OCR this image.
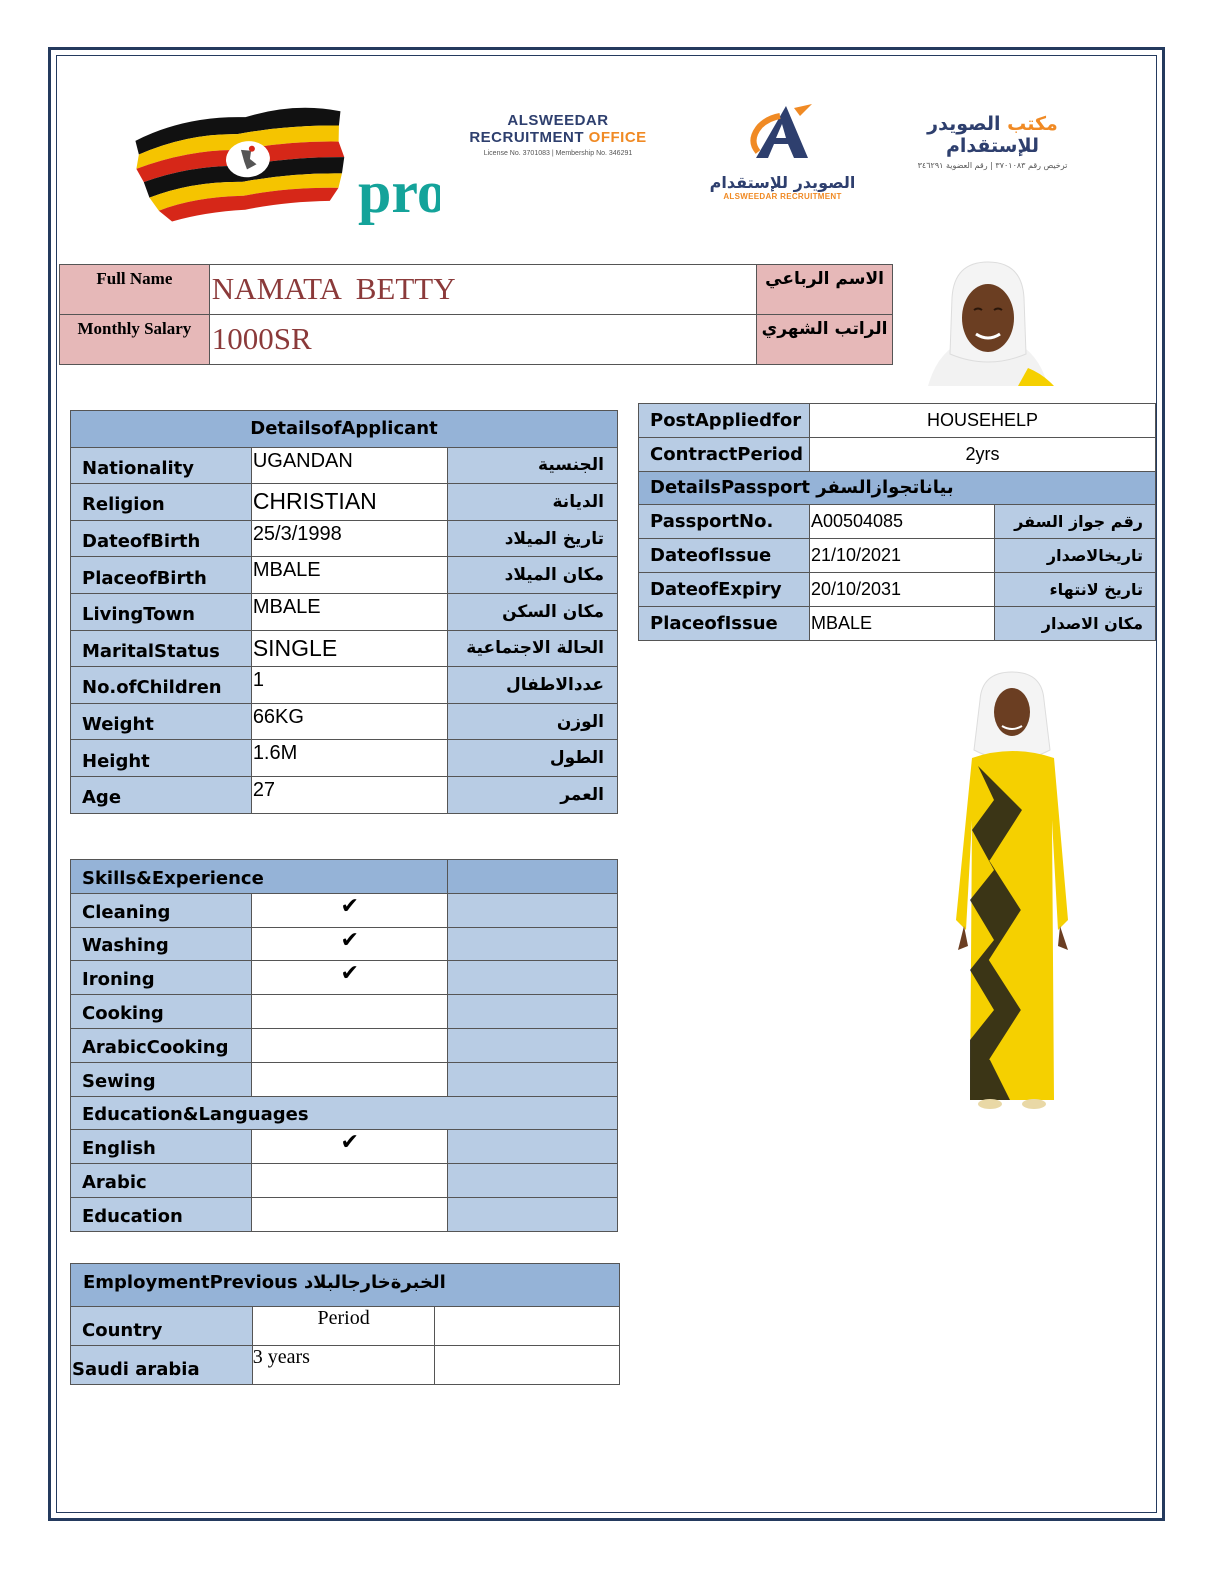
pro
ALSWEEDAR
RECRUITMENT OFFICE
License No. 3701083 | Membership No. 346291
الصويدر للإستقدام
ALSWEEDAR RECRUITMENT
مكتب الصويدر للإستقدام
ترخيص رقم ٣٧٠١٠٨٣ | رقم العضوية ٣٤٦٢٩١
Full Name	NAMATA  BETTY	الاسم الرباعي
Monthly Salary	1000SR	الراتب الشهري
DetailsofApplicant		
Nationality	UGANDAN	الجنسية
Religion	CHRISTIAN	الديانة
DateofBirth	25/3/1998	تاريخ الميلاد
PlaceofBirth	MBALE	مكان الميلاد
LivingTown	MBALE	مكان السكن
MaritalStatus	SINGLE	الحالة الاجتماعية
No.ofChildren	1	عددالاطفال
Weight	66KG	الوزن
Height	1.6M	الطول
Age	27	العمر
PostAppliedfor	HOUSEHELP	
ContractPeriod	2yrs	
DetailsPassport بياناتجوازالسفر		
PassportNo.	A00504085	رقم جواز السفر
DateofIssue	21/10/2021	تاريخالاصدار
DateofExpiry	20/10/2031	تاريخ لانتهاء
PlaceofIssue	MBALE	مكان الاصدار
Skills&Experience		
Cleaning	✔	
Washing	✔	
Ironing	✔	
Cooking		
ArabicCooking		
Sewing		
Education&Languages		
English	✔	
Arabic		
Education		
EmploymentPrevious الخبرةخارجالبلاد		
Country	Period	
Saudi arabia	3 years	
